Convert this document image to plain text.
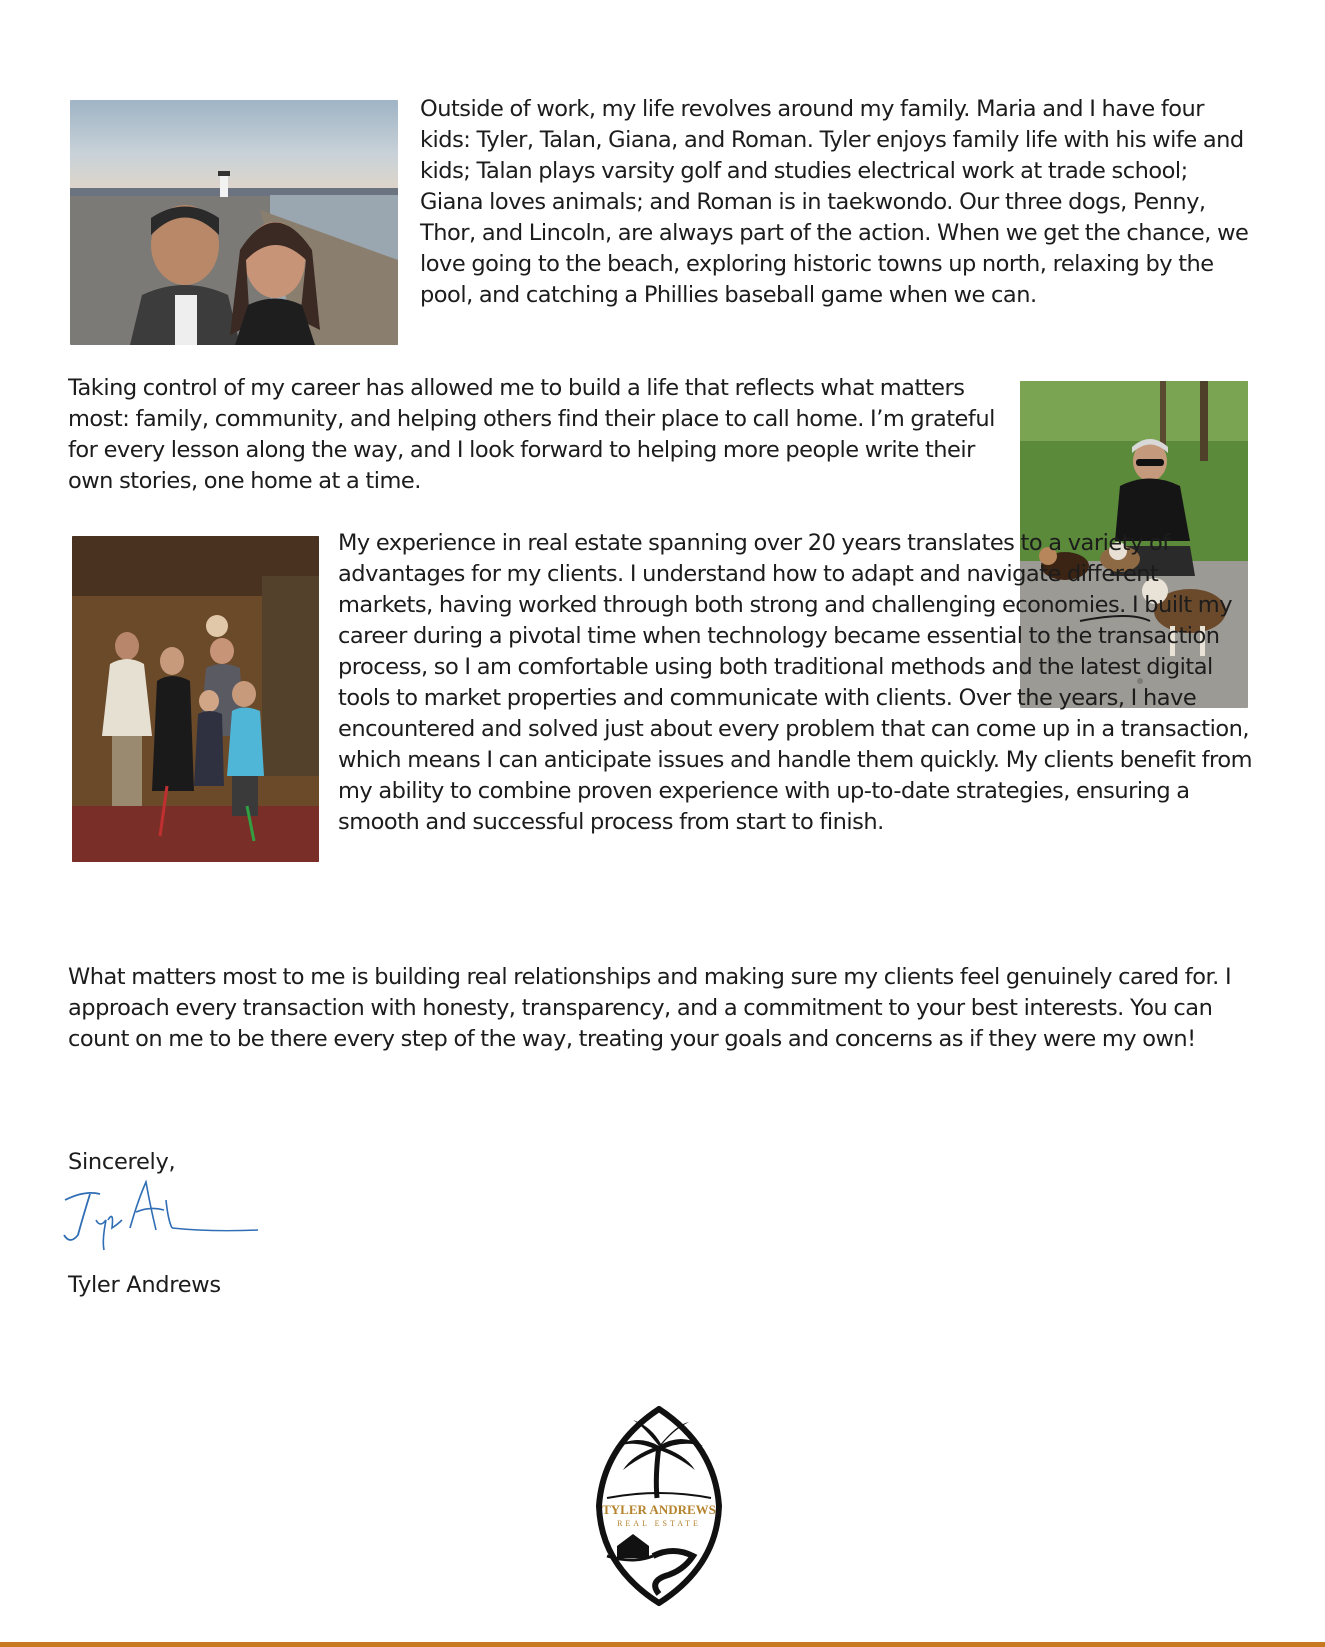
Outside of work, my life revolves around my family. Maria and I have four kids: Tyler, Talan, Giana, and Roman. Tyler enjoys family life with his wife and kids; Talan plays varsity golf and studies electrical work at trade school; Giana loves animals; and Roman is in taekwondo. Our three dogs, Penny, Thor, and Lincoln, are always part of the action. When we get the chance, we love going to the beach, exploring historic towns up north, relaxing by the pool, and catching a Phillies baseball game when we can.

Taking control of my career has allowed me to build a life that reflects what matters most: family, community, and helping others find their place to call home. I’m grateful for every lesson along the way, and I look forward to helping more people write their own stories, one home at a time.
My experience in real estate spanning over 20 years translates to a variety of advantages for my clients. I understand how to adapt and navigate different markets, having worked through both strong and challenging economies. I built my career during a pivotal time when technology became essential to the transaction process, so I am comfortable using both traditional methods and the latest digital tools to market properties and communicate with clients. Over the years, I have encountered and solved just about every problem that can come up in a transaction, which means I can anticipate issues and handle them quickly. My clients benefit from my ability to combine proven experience with up-to-date strategies, ensuring a smooth and successful process from start to finish.

What matters most to me is building real relationships and making sure my clients feel genuinely cared for. I approach every transaction with honesty, transparency, and a commitment to your best interests. You can count on me to be there every step of the way, treating your goals and concerns as if they were my own!

Sincerely,
Tyler Andrews
TYLER ANDREWS
REAL ESTATE
